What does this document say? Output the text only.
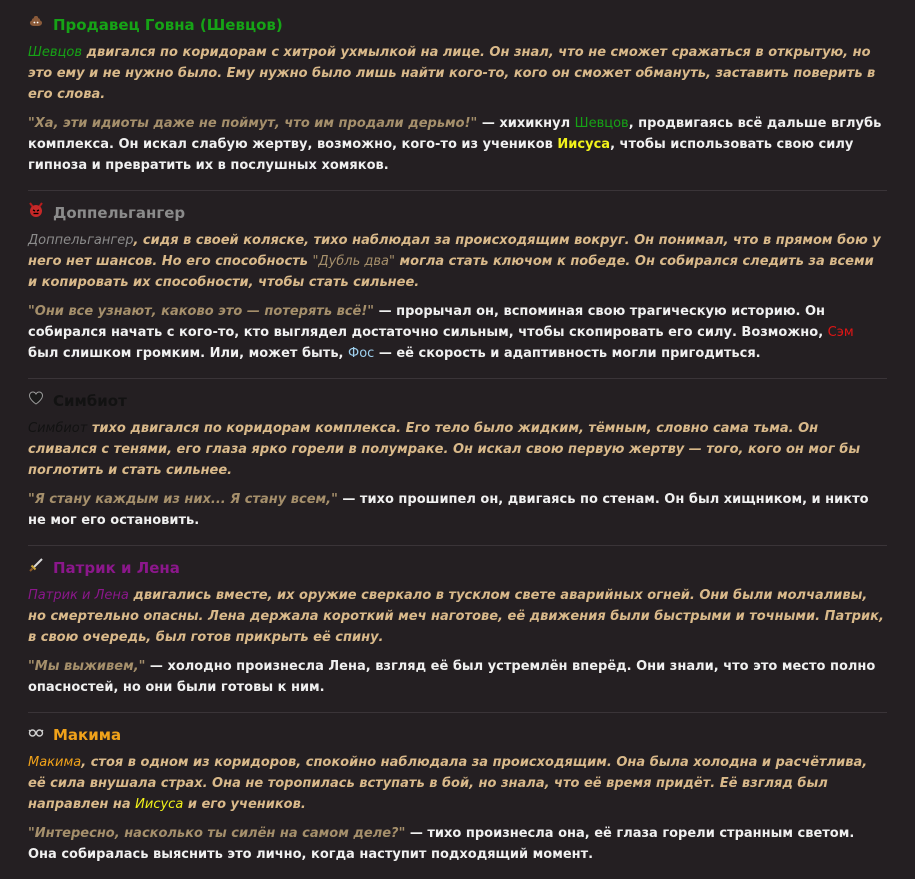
Продавец Говна (Шевцов)

Шевцов двигался по коридорам с хитрой ухмылкой на лице. Он знал, что не сможет сражаться в открытую, но это ему и не нужно было. Ему нужно было лишь найти кого-то, кого он сможет обмануть, заставить поверить в его слова.

"Ха, эти идиоты даже не поймут, что им продали дерьмо!" — хихикнул Шевцов, продвигаясь всё дальше вглубь комплекса. Он искал слабую жертву, возможно, кого-то из учеников Иисуса, чтобы использовать свою силу гипноза и превратить их в послушных хомяков.

Доппельгангер

Доппельгангер, сидя в своей коляске, тихо наблюдал за происходящим вокруг. Он понимал, что в прямом бою у него нет шансов. Но его способность "Дубль два" могла стать ключом к победе. Он собирался следить за всеми и копировать их способности, чтобы стать сильнее.

"Они все узнают, каково это — потерять всё!" — прорычал он, вспоминая свою трагическую историю. Он собирался начать с кого-то, кто выглядел достаточно сильным, чтобы скопировать его силу. Возможно, Сэм был слишком громким. Или, может быть, Фос — её скорость и адаптивность могли пригодиться.

Симбиот

Симбиот тихо двигался по коридорам комплекса. Его тело было жидким, тёмным, словно сама тьма. Он сливался с тенями, его глаза ярко горели в полумраке. Он искал свою первую жертву — того, кого он мог бы поглотить и стать сильнее.

"Я стану каждым из них... Я стану всем," — тихо прошипел он, двигаясь по стенам. Он был хищником, и никто не мог его остановить.

Патрик и Лена

Патрик и Лена двигались вместе, их оружие сверкало в тусклом свете аварийных огней. Они были молчаливы, но смертельно опасны. Лена держала короткий меч наготове, её движения были быстрыми и точными. Патрик, в свою очередь, был готов прикрыть её спину.

"Мы выживем," — холодно произнесла Лена, взгляд её был устремлён вперёд. Они знали, что это место полно опасностей, но они были готовы к ним.

Макима

Макима, стоя в одном из коридоров, спокойно наблюдала за происходящим. Она была холодна и расчётлива, её сила внушала страх. Она не торопилась вступать в бой, но знала, что её время придёт. Её взгляд был направлен на Иисуса и его учеников.

"Интересно, насколько ты силён на самом деле?" — тихо произнесла она, её глаза горели странным светом. Она собиралась выяснить это лично, когда наступит подходящий момент.
